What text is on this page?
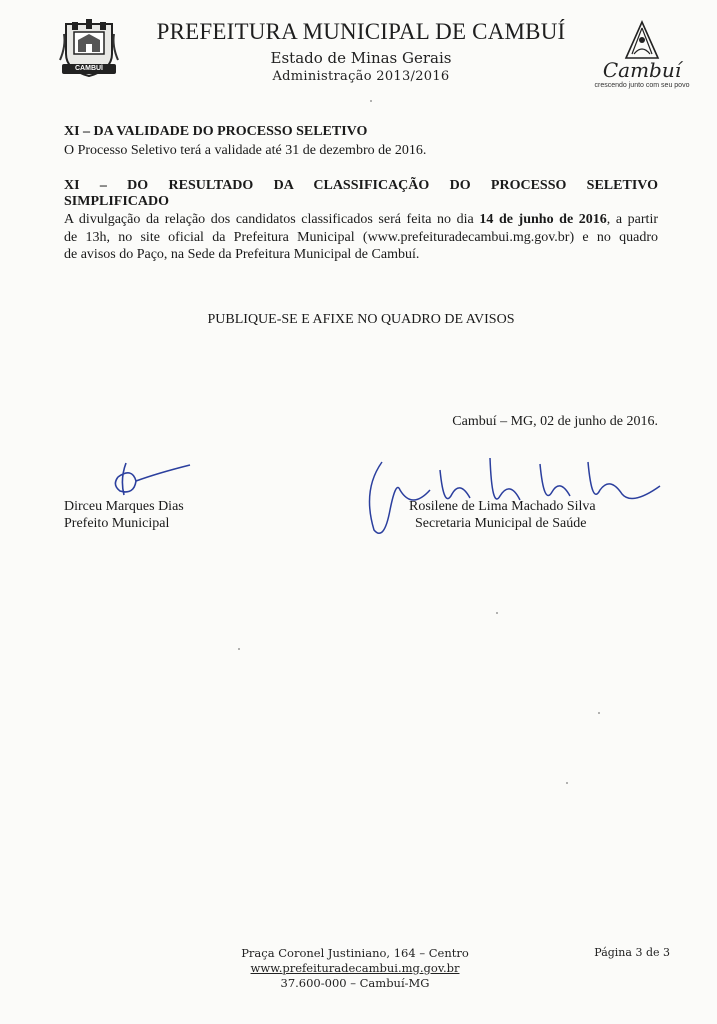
CAMBUÍ
PREFEITURA MUNICIPAL DE CAMBUÍ
Estado de Minas Gerais
Administração 2013/2016	Cambuí
crescendo junto com seu povo
XI – DA VALIDADE DO PROCESSO SELETIVO
O Processo Seletivo terá a validade até 31 de dezembro de 2016.
XI – DO RESULTADO DA CLASSIFICAÇÃO DO PROCESSO SELETIVO
SIMPLIFICADO
A divulgação da relação dos candidatos classificados será feita no dia 14 de junho de 2016, a partir
de 13h, no site oficial da Prefeitura Municipal (www.prefeituradecambui.mg.gov.br) e no quadro
de avisos do Paço, na Sede da Prefeitura Municipal de Cambuí.
PUBLIQUE-SE E AFIXE NO QUADRO DE AVISOS
Cambuí – MG, 02 de junho de 2016.
Dirceu Marques Dias
Prefeito Municipal
Rosilene de Lima Machado Silva
Secretaria Municipal de Saúde
Praça Coronel Justiniano, 164 – Centro
www.prefeituradecambui.mg.gov.br
37.600-000 – Cambuí-MG
Página 3 de 3
